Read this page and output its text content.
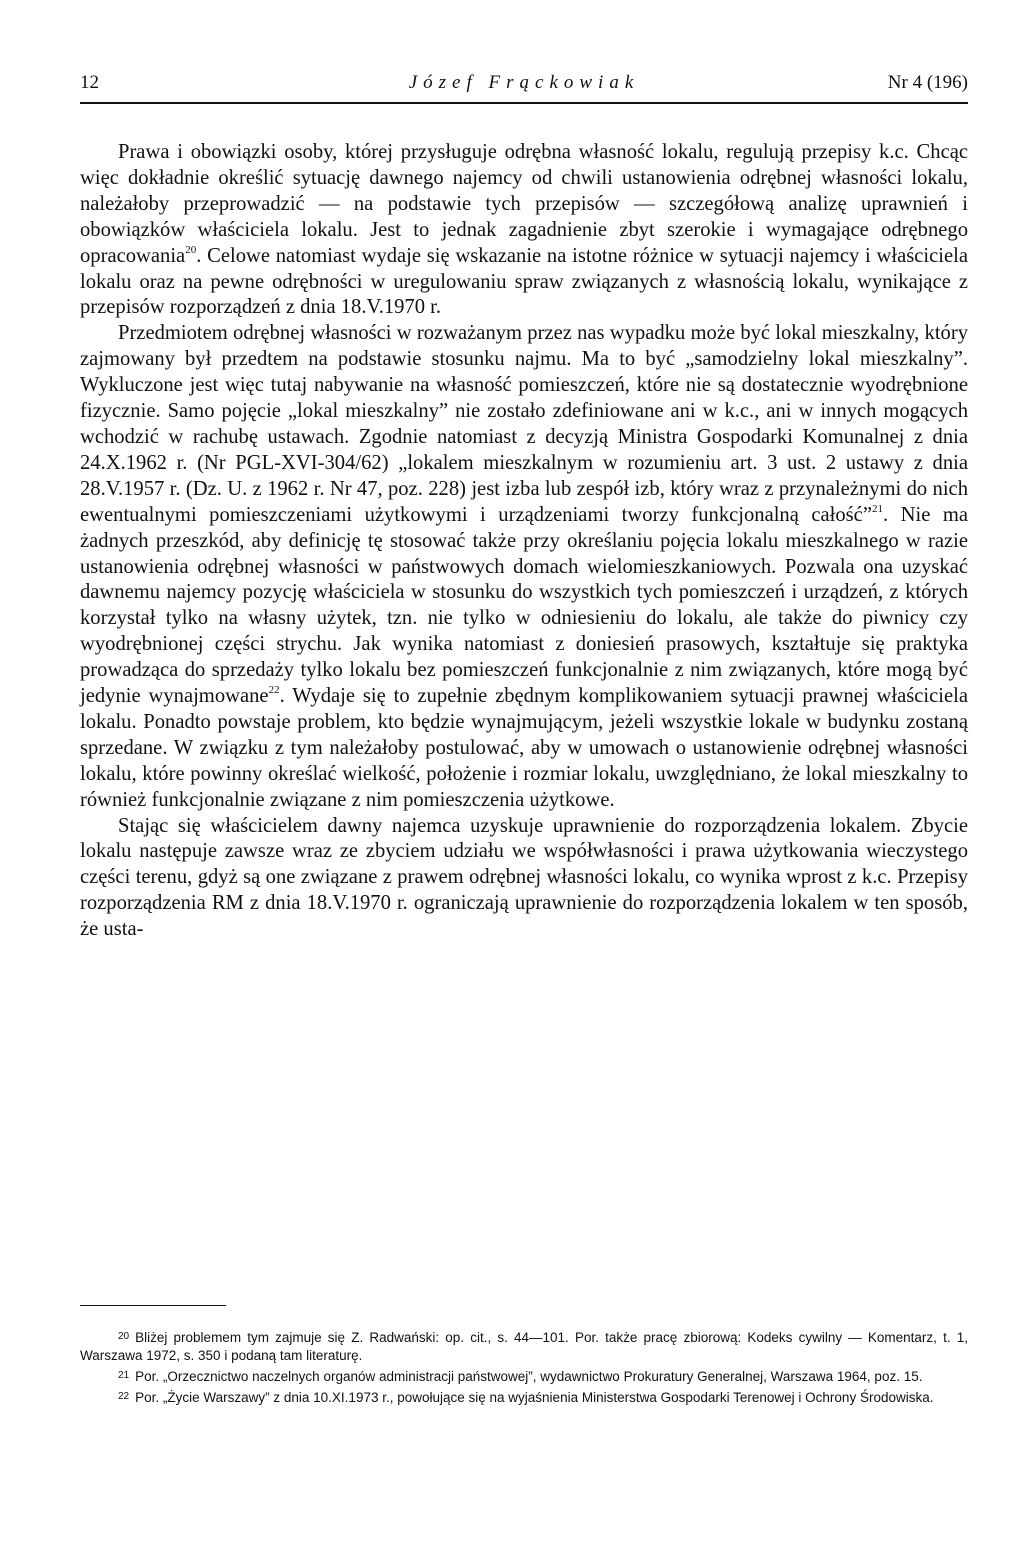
12	Józef Frąckowiak	Nr 4 (196)

Prawa i obowiązki osoby, której przysługuje odrębna własność lokalu, regulują przepisy k.c. Chcąc więc dokładnie określić sytuację dawnego najemcy od chwili ustanowienia odrębnej własności lokalu, należałoby przeprowadzić — na podstawie tych przepisów — szczegółową analizę uprawnień i obowiązków właściciela lokalu. Jest to jednak zagadnienie zbyt szerokie i wymagające odrębnego opracowania$^{20}$. Celowe natomiast wydaje się wskazanie na istotne różnice w sytuacji najemcy i właściciela lokalu oraz na pewne odrębności w uregulowaniu spraw związanych z własnością lokalu, wynikające z przepisów rozporządzeń z dnia 18.V.1970 r.

Przedmiotem odrębnej własności w rozważanym przez nas wypadku może być lokal mieszkalny, który zajmowany był przedtem na podstawie stosunku najmu. Ma to być „samodzielny lokal mieszkalny”. Wykluczone jest więc tutaj nabywanie na własność pomieszczeń, które nie są dostatecznie wyodrębnione fizycznie. Samo pojęcie „lokal mieszkalny” nie zostało zdefiniowane ani w k.c., ani w innych mogących wchodzić w rachubę ustawach. Zgodnie natomiast z decyzją Ministra Gospodarki Komunalnej z dnia 24.X.1962 r. (Nr PGL-XVI-304/62) „lokalem mieszkalnym w rozumieniu art. 3 ust. 2 ustawy z dnia 28.V.1957 r. (Dz. U. z 1962 r. Nr 47, poz. 228) jest izba lub zespół izb, który wraz z przynależnymi do nich ewentualnymi pomieszczeniami użytkowymi i urządzeniami tworzy funkcjonalną całość”$^{21}$. Nie ma żadnych przeszkód, aby definicję tę stosować także przy określaniu pojęcia lokalu mieszkalnego w razie ustanowienia odrębnej własności w państwowych domach wielomieszkaniowych. Pozwala ona uzyskać dawnemu najemcy pozycję właściciela w stosunku do wszystkich tych pomieszczeń i urządzeń, z których korzystał tylko na własny użytek, tzn. nie tylko w odniesieniu do lokalu, ale także do piwnicy czy wyodrębnionej części strychu. Jak wynika natomiast z doniesień prasowych, kształtuje się praktyka prowadząca do sprzedaży tylko lokalu bez pomieszczeń funkcjonalnie z nim związanych, które mogą być jedynie wynajmowane$^{22}$. Wydaje się to zupełnie zbędnym komplikowaniem sytuacji prawnej właściciela lokalu. Ponadto powstaje problem, kto będzie wynajmującym, jeżeli wszystkie lokale w budynku zostaną sprzedane. W związku z tym należałoby postulować, aby w umowach o ustanowienie odrębnej własności lokalu, które powinny określać wielkość, położenie i rozmiar lokalu, uwzględniano, że lokal mieszkalny to również funkcjonalnie związane z nim pomieszczenia użytkowe.

Stając się właścicielem dawny najemca uzyskuje uprawnienie do rozporządzenia lokalem. Zbycie lokalu następuje zawsze wraz ze zbyciem udziału we współwłasności i prawa użytkowania wieczystego części terenu, gdyż są one związane z prawem odrębnej własności lokalu, co wynika wprost z k.c. Przepisy rozporządzenia RM z dnia 18.V.1970 r. ograniczają uprawnienie do rozporządzenia lokalem w ten sposób, że usta-

$^{20}$ Bliżej problemem tym zajmuje się Z. Radwański: op. cit., s. 44—101. Por. także pracę zbiorową: Kodeks cywilny — Komentarz, t. 1, Warszawa 1972, s. 350 i podaną tam literaturę.

$^{21}$ Por. „Orzecznictwo naczelnych organów administracji państwowej”, wydawnictwo Prokuratury Generalnej, Warszawa 1964, poz. 15.

$^{22}$ Por. „Życie Warszawy” z dnia 10.XI.1973 r., powołujące się na wyjaśnienia Ministerstwa Gospodarki Terenowej i Ochrony Środowiska.
